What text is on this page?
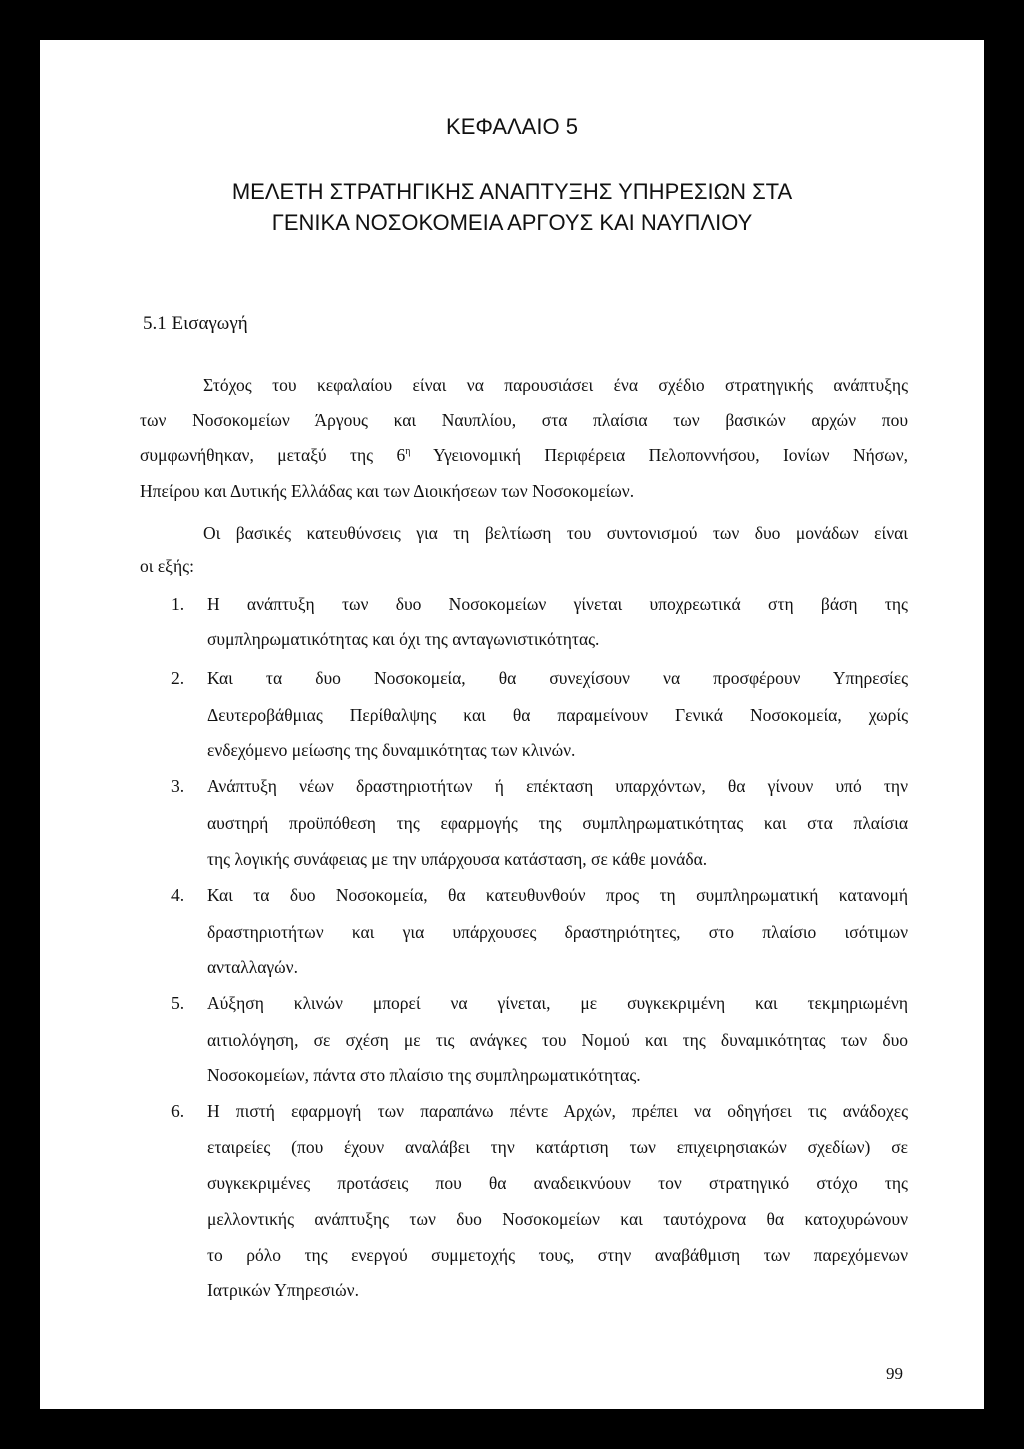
ΚΕΦΑΛΑΙΟ 5
ΜΕΛΕΤΗ ΣΤΡΑΤΗΓΙΚΗΣ ΑΝΑΠΤΥΞΗΣ ΥΠΗΡΕΣΙΩΝ ΣΤΑ
ΓΕΝΙΚΑ ΝΟΣΟΚΟΜΕΙΑ ΑΡΓΟΥΣ ΚΑΙ ΝΑΥΠΛΙΟΥ
5.1 Εισαγωγή
Στόχος του κεφαλαίου είναι να παρουσιάσει ένα σχέδιο στρατηγικής ανάπτυξης
των Νοσοκομείων Άργους και Ναυπλίου, στα πλαίσια των βασικών αρχών που
συμφωνήθηκαν, μεταξύ της $6^\eta$ Υγειονομική Περιφέρεια Πελοποννήσου, Ιονίων Νήσων,
Ηπείρου και Δυτικής Ελλάδας και των Διοικήσεων των Νοσοκομείων.
Οι βασικές κατευθύνσεις για τη βελτίωση του συντονισμού των δυο μονάδων είναι
οι εξής:
1. Η ανάπτυξη των δυο Νοσοκομείων γίνεται υποχρεωτικά στη βάση της
συμπληρωματικότητας και όχι της ανταγωνιστικότητας.
2. Και τα δυο Νοσοκομεία, θα συνεχίσουν να προσφέρουν Υπηρεσίες
Δευτεροβάθμιας Περίθαλψης και θα παραμείνουν Γενικά Νοσοκομεία, χωρίς
ενδεχόμενο μείωσης της δυναμικότητας των κλινών.
3. Ανάπτυξη νέων δραστηριοτήτων ή επέκταση υπαρχόντων, θα γίνουν υπό την
αυστηρή προϋπόθεση της εφαρμογής της συμπληρωματικότητας και στα πλαίσια
της λογικής συνάφειας με την υπάρχουσα κατάσταση, σε κάθε μονάδα.
4. Και τα δυο Νοσοκομεία, θα κατευθυνθούν προς τη συμπληρωματική κατανομή
δραστηριοτήτων και για υπάρχουσες δραστηριότητες, στο πλαίσιο ισότιμων
ανταλλαγών.
5. Αύξηση κλινών μπορεί να γίνεται, με συγκεκριμένη και τεκμηριωμένη
αιτιολόγηση, σε σχέση με τις ανάγκες του Νομού και της δυναμικότητας των δυο
Νοσοκομείων, πάντα στο πλαίσιο της συμπληρωματικότητας.
6. Η πιστή εφαρμογή των παραπάνω πέντε Αρχών, πρέπει να οδηγήσει τις ανάδοχες
εταιρείες (που έχουν αναλάβει την κατάρτιση των επιχειρησιακών σχεδίων) σε
συγκεκριμένες προτάσεις που θα αναδεικνύουν τον στρατηγικό στόχο της
μελλοντικής ανάπτυξης των δυο Νοσοκομείων και ταυτόχρονα θα κατοχυρώνουν
το ρόλο της ενεργού συμμετοχής τους, στην αναβάθμιση των παρεχόμενων
Ιατρικών Υπηρεσιών.
99
